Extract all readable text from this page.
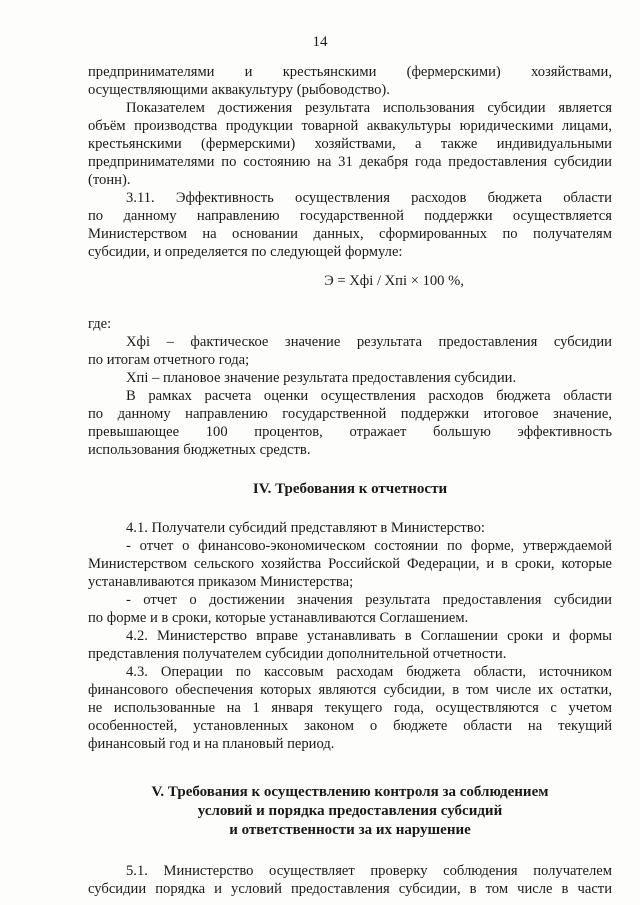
14
предпринимателями и крестьянскими (фермерскими) хозяйствами,
осуществляющими аквакультуру (рыбоводство).
Показателем достижения результата использования субсидии является
объём производства продукции товарной аквакультуры юридическими лицами,
крестьянскими (фермерскими) хозяйствами, а также индивидуальными
предпринимателями по состоянию на 31 декабря года предоставления субсидии
(тонн).
3.11. Эффективность осуществления расходов бюджета области
по данному направлению государственной поддержки осуществляется
Министерством на основании данных, сформированных по получателям
субсидии, и определяется по следующей формуле:
Э = Xфi / Xпi × 100 %,
где:
Xфi – фактическое значение результата предоставления субсидии
по итогам отчетного года;
Xпi – плановое значение результата предоставления субсидии.
В рамках расчета оценки осуществления расходов бюджета области
по данному направлению государственной поддержки итоговое значение,
превышающее 100 процентов, отражает большую эффективность
использования бюджетных средств.
IV. Требования к отчетности
4.1. Получатели субсидий представляют в Министерство:
- отчет о финансово-экономическом состоянии по форме, утверждаемой
Министерством сельского хозяйства Российской Федерации, и в сроки, которые
устанавливаются приказом Министерства;
- отчет о достижении значения результата предоставления субсидии
по форме и в сроки, которые устанавливаются Соглашением.
4.2. Министерство вправе устанавливать в Соглашении сроки и формы
представления получателем субсидии дополнительной отчетности.
4.3. Операции по кассовым расходам бюджета области, источником
финансового обеспечения которых являются субсидии, в том числе их остатки,
не использованные на 1 января текущего года, осуществляются с учетом
особенностей, установленных законом о бюджете области на текущий
финансовый год и на плановый период.
V. Требования к осуществлению контроля за соблюдением
условий и порядка предоставления субсидий
и ответственности за их нарушение
5.1. Министерство осуществляет проверку соблюдения получателем
субсидии порядка и условий предоставления субсидии, в том числе в части
